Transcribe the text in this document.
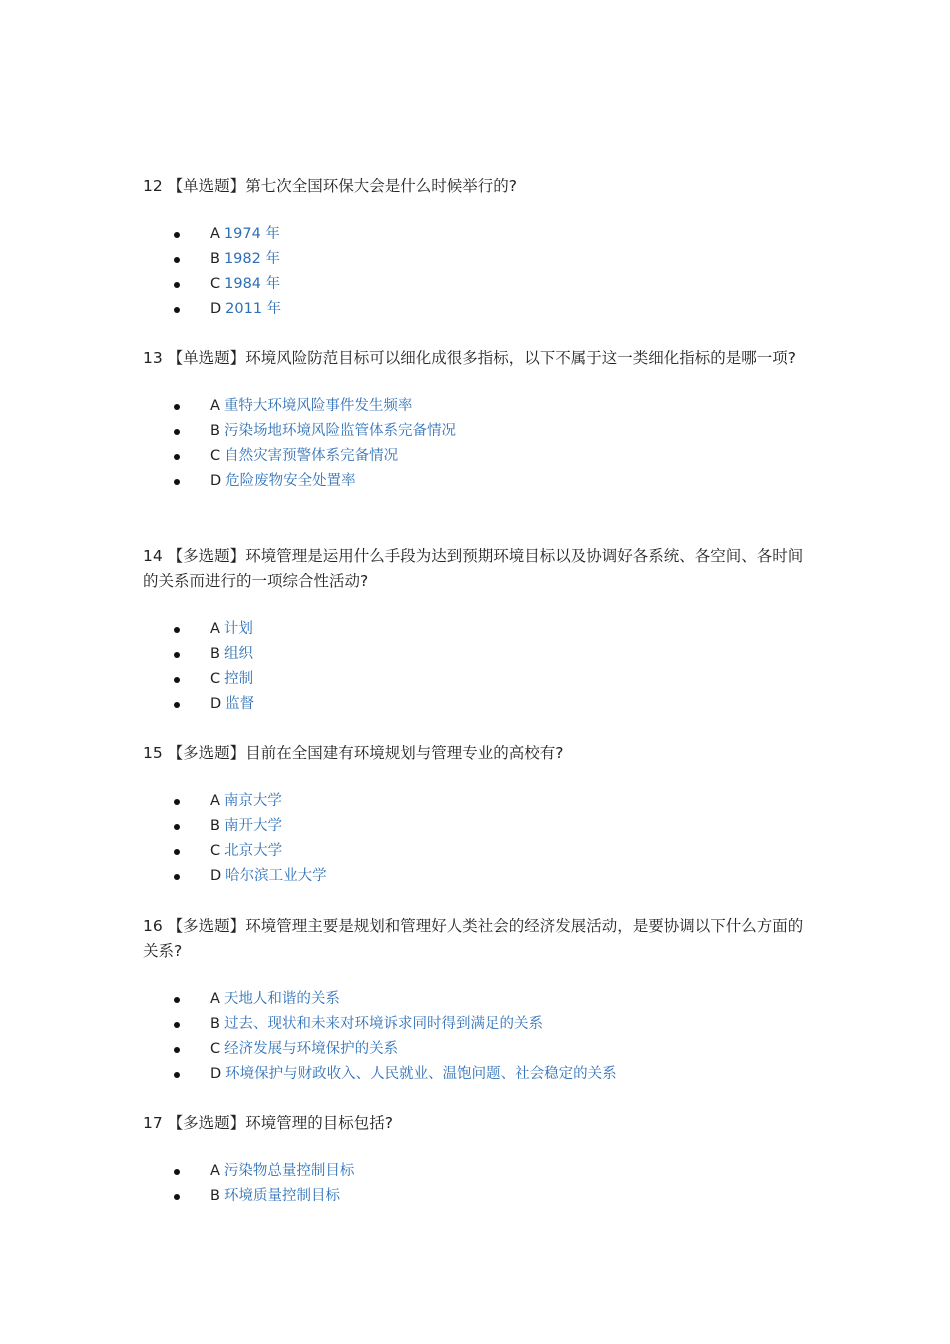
12 【单选题】第七次全国环保大会是什么时候举行的?

A 1974 年
B 1982 年
C 1984 年
D 2011 年

13 【单选题】环境风险防范目标可以细化成很多指标，以下不属于这一类细化指标的是哪一项?

A 重特大环境风险事件发生频率
B 污染场地环境风险监管体系完备情况
C 自然灾害预警体系完备情况
D 危险废物安全处置率

14 【多选题】环境管理是运用什么手段为达到预期环境目标以及协调好各系统、各空间、各时间的关系而进行的一项综合性活动?

A 计划
B 组织
C 控制
D 监督

15 【多选题】目前在全国建有环境规划与管理专业的高校有?

A 南京大学
B 南开大学
C 北京大学
D 哈尔滨工业大学

16 【多选题】环境管理主要是规划和管理好人类社会的经济发展活动，是要协调以下什么方面的关系?

A 天地人和谐的关系
B 过去、现状和未来对环境诉求同时得到满足的关系
C 经济发展与环境保护的关系
D 环境保护与财政收入、人民就业、温饱问题、社会稳定的关系

17 【多选题】环境管理的目标包括?

A 污染物总量控制目标
B 环境质量控制目标
